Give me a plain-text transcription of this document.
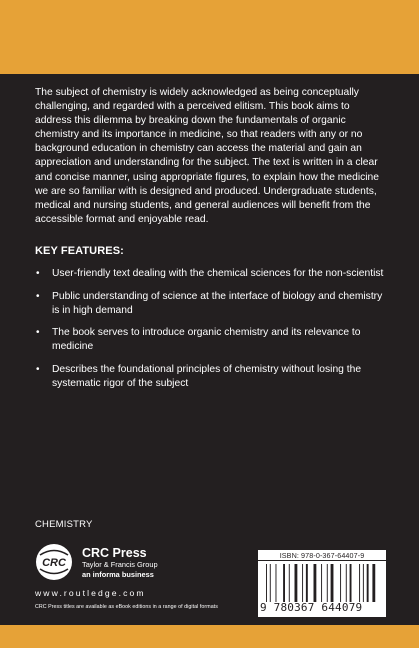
The subject of chemistry is widely acknowledged as being conceptually challenging, and regarded with a perceived elitism. This book aims to address this dilemma by breaking down the fundamentals of organic chemistry and its importance in medicine, so that readers with any or no background education in chemistry can access the material and gain an appreciation and understanding for the subject. The text is written in a clear and concise manner, using appropriate figures, to explain how the medicine we are so familiar with is designed and produced. Undergraduate students, medical and nursing students, and general audiences will benefit from the accessible format and enjoyable read.

KEY FEATURES:

• User-friendly text dealing with the chemical sciences for the non-scientist
• Public understanding of science at the interface of biology and chemistry is in high demand
• The book serves to introduce organic chemistry and its relevance to medicine
• Describes the foundational principles of chemistry without losing the systematic rigor of the subject
CHEMISTRY
CRC
CRC Press
Taylor & Francis Group
an informa business
www.routledge.com
CRC Press titles are available as eBook editions in a range of digital formats
ISBN: 978-0-367-64407-9
9 780367 644079
